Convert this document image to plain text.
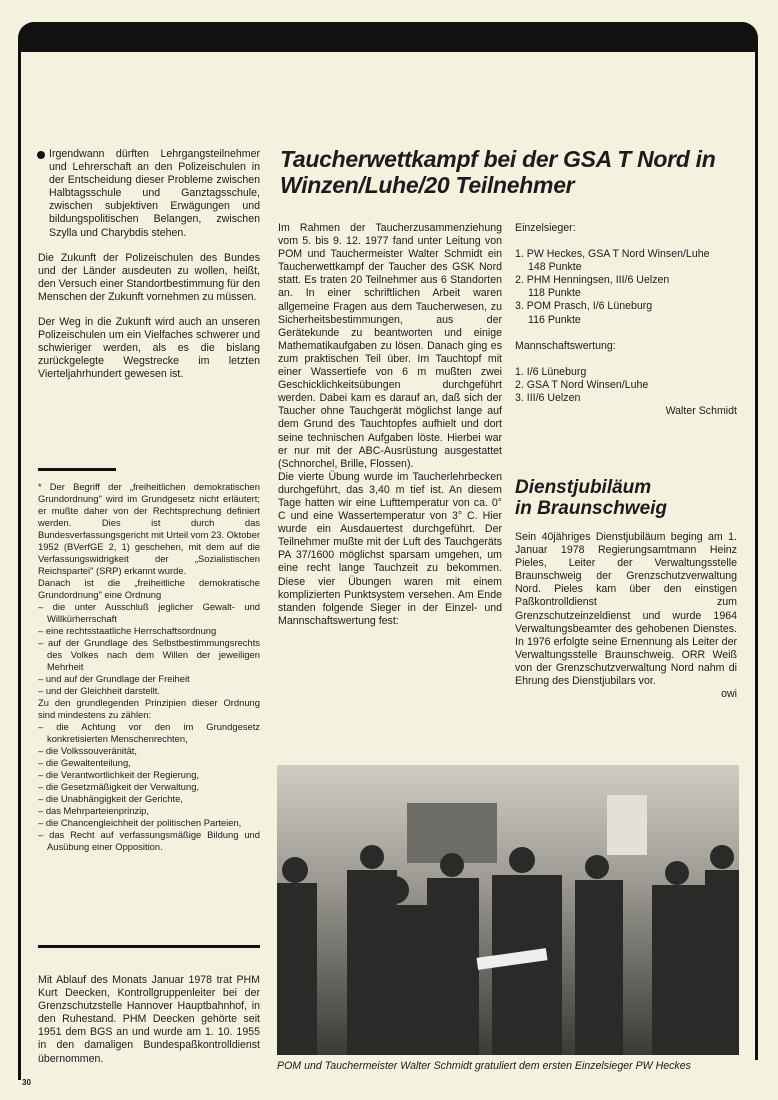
Irgendwann dürften Lehrgangsteilnehmer und Lehrerschaft an den Polizeischulen in der Entscheidung dieser Probleme zwischen Halbtagsschule und Ganztagsschule, zwischen subjektiven Erwägungen und bildungspolitischen Belangen, zwischen Szylla und Charybdis stehen.

Die Zukunft der Polizeischulen des Bundes und der Länder ausdeuten zu wollen, heißt, den Versuch einer Standortbestimmung für den Menschen der Zukunft vornehmen zu müssen.

Der Weg in die Zukunft wird auch an unseren Polizeischulen um ein Vielfaches schwerer und schwieriger werden, als es die bislang zurückgelegte Wegstrecke im letzten Vierteljahrhundert gewesen ist.

* Der Begriff der „freiheitlichen demokratischen Grundordnung" wird im Grundgesetz nicht erläutert; er mußte daher von der Rechtsprechung definiert werden. Dies ist durch das Bundesverfassungsgericht mit Urteil vom 23. Oktober 1952 (BVerfGE 2, 1) geschehen, mit dem auf die Verfassungswidrigkeit der „Sozialistischen Reichspartei" (SRP) erkannt wurde.
Danach ist die „freiheitliche demokratische Grundordnung" eine Ordnung
– die unter Ausschluß jeglicher Gewalt- und Willkürherrschaft
– eine rechtsstaatliche Herrschaftsordnung
– auf der Grundlage des Selbstbestimmungsrechts des Volkes nach dem Willen der jeweiligen Mehrheit
– und auf der Grundlage der Freiheit
– und der Gleichheit darstellt.
Zu den grundlegenden Prinzipien dieser Ordnung sind mindestens zu zählen:
– die Achtung vor den im Grundgesetz konkretisierten Menschenrechten,
– die Volkssouveränität,
– die Gewaltenteilung,
– die Verantwortlichkeit der Regierung,
– die Gesetzmäßigkeit der Verwaltung,
– die Unabhängigkeit der Gerichte,
– das Mehrparteienprinzip,
– die Chancengleichheit der politischen Parteien,
– das Recht auf verfassungsmäßige Bildung und Ausübung einer Opposition.
Mit Ablauf des Monats Januar 1978 trat PHM Kurt Deecken, Kontrollgruppenleiter bei der Grenzschutzstelle Hannover Hauptbahnhof, in den Ruhestand. PHM Deecken gehörte seit 1951 dem BGS an und wurde am 1. 10. 1955 in den damaligen Bundespaßkontrolldienst übernommen.
30
Taucherwettkampf bei der GSA T Nord in Winzen/Luhe/20 Teilnehmer
Im Rahmen der Taucherzusammenziehung vom 5. bis 9. 12. 1977 fand unter Leitung von POM und Tauchermeister Walter Schmidt ein Taucherwettkampf der Taucher des GSK Nord statt. Es traten 20 Teilnehmer aus 6 Standorten an. In einer schriftlichen Arbeit waren allgemeine Fragen aus dem Taucherwesen, zu Sicherheitsbestimmungen, aus der Gerätekunde zu beantworten und einige Mathematikaufgaben zu lösen. Danach ging es zum praktischen Teil über. Im Tauchtopf mit einer Wassertiefe von 6 m mußten zwei Geschicklichkeitsübungen durchgeführt werden. Dabei kam es darauf an, daß sich der Taucher ohne Tauchgerät möglichst lange auf dem Grund des Tauchtopfes aufhielt und dort seine technischen Aufgaben löste. Hierbei war er nur mit der ABC-Ausrüstung ausgestattet (Schnorchel, Brille, Flossen).
Die vierte Übung wurde im Taucherlehrbecken durchgeführt, das 3,40 m tief ist. An diesem Tage hatten wir eine Lufttemperatur von ca. 0° C und eine Wassertemperatur von 3° C. Hier wurde ein Ausdauertest durchgeführt. Der Teilnehmer mußte mit der Luft des Tauchgeräts PA 37/1600 möglichst sparsam umgehen, um eine recht lange Tauchzeit zu bekommen. Diese vier Übungen waren mit einem komplizierten Punktsystem versehen. Am Ende standen folgende Sieger in der Einzel- und Mannschaftswertung fest:
Einzelsieger:
1. PW Heckes, GSA T Nord Winsen/Luhe
148 Punkte
2. PHM Henningsen, III/6 Uelzen
118 Punkte
3. POM Prasch, I/6 Lüneburg
116 Punkte
Mannschaftswertung:
1. I/6 Lüneburg
2. GSA T Nord Winsen/Luhe
3. III/6 Uelzen
Walter Schmidt
Dienstjubiläum
in Braunschweig
Sein 40jähriges Dienstjubiläum beging am 1. Januar 1978 Regierungsamtmann Heinz Pieles, Leiter der Verwaltungsstelle Braunschweig der Grenzschutzverwaltung Nord. Pieles kam über den einstigen Paßkontrolldienst zum Grenzschutzeinzeldienst und wurde 1964 Verwaltungsbeamter des gehobenen Dienstes. In 1976 erfolgte seine Ernennung als Leiter der Verwaltungsstelle Braunschweig. ORR Weiß von der Grenzschutzverwaltung Nord nahm di Ehrung des Dienstjubilars vor.
owi
POM und Tauchermeister Walter Schmidt gratuliert dem ersten Einzelsieger PW Heckes
